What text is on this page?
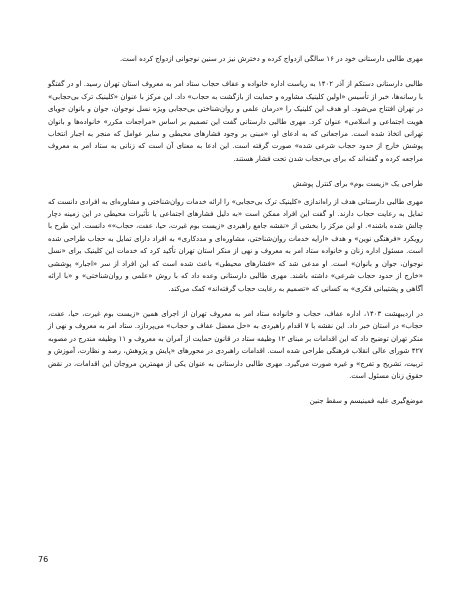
مهری طالبی دارستانی خود در ۱۶ سالگی ازدواج کرده و دخترش نیز در سنین نوجوانی ازدواج کرده است.

طالبی دارستانی دستکم از آذر ۱۴۰۲ به ریاست اداره خانواده و عفاف حجاب ستاد امر به معروف استان تهران رسید. او در گفتگو با رسانه‌ها، خبر از تأسیس «اولین کلینیک مشاوره و حمایت از بازگشت به حجاب» داد. این مرکز با عنوان «کلینیک ترک بی‌حجابی» در تهران افتتاح می‌شود. او هدف این کلینیک را «درمان علمی و روان‌شناختی بی‌حجابی ویژه نسل نوجوان، جوان و بانوان جویای هویت اجتماعی و اسلامی» عنوان کرد. مهری طالبی دارستانی گفت این تصمیم بر اساس «مراجعات مکرر» خانواده‌ها و بانوان تهرانی اتخاذ شده است. مراجعاتی که به ادعای او، «مبنی بر وجود فشارهای محیطی و سایر عوامل که منجر به اجبار انتخاب پوشش خارج از حدود حجاب شرعی شده» صورت گرفته است. این ادعا به معنای آن است که زنانی به ستاد امر به معروف مراجعه کرده و گفته‌اند که برای بی‌حجاب شدن تحت فشار هستند.

طراحی یک «زیست بوم» برای کنترل پوشش

مهری طالبی دارستانی هدف از راه‌اندازی «کلینیک ترک بی‌حجابی» را ارائه خدمات روان‌شناختی و مشاوره‌ای به افرادی دانست که تمایل به رعایت حجاب دارند. او گفت این افراد ممکن است «به دلیل فشارهای اجتماعی یا تأثیرات محیطی در این زمینه دچار چالش شده باشند». او این مرکز را بخشی از «نقشه جامع راهبردی «زیست بوم غیرت، حیا، عفت، حجاب»» دانست. این طرح با رویکرد «فرهنگی نوین» و هدف «ارایه خدمات روان‌شناختی، مشاوره‌ای و مددکاری» به افراد دارای تمایل به حجاب طراحی شده است. مسئول اداره زنان و خانواده ستاد امر به معروف و نهی از منکر استان تهران تأکید کرد که خدمات این کلینیک برای «نسل نوجوان، جوان و بانوان» است. او مدعی شد که «فشارهای محیطی» باعث شده است که این افراد از سر «اجبار» پوششی «خارج از حدود حجاب شرعی» داشته باشند. مهری طالبی دارستانی وعده داد که با روش «علمی و روان‌شناختی» و «با ارائه آگاهی و پشتیبانی فکری» به کسانی که «تصمیم به رعایت حجاب گرفته‌اند» کمک می‌کند.

در اردیبهشت ۱۴۰۳، اداره عفاف، حجاب و خانواده ستاد امر به معروف تهران از اجرای همین «زیست بوم غیرت، حیا، عفت، حجاب» در استان خبر داد. این نقشه با ۷ اقدام راهبردی به «حل معضل عفاف و حجاب» می‌پردازد. ستاد امر به معروف و نهی از منکر تهران توضیح داد که این اقدامات بر مبنای ۱۲ وظیفه ستاد در قانون حمایت از آمران به معروف و ۱۱ وظیفه مندرج در مصوبه ۴۲۷ شورای عالی انقلاب فرهنگی طراحی شده است. اقدامات راهبردی در محورهای «پایش و پژوهش، رصد و نظارت، آموزش و تربیت، تشریح و تفرج» و غیره صورت می‌گیرد. مهری طالبی دارستانی به عنوان یکی از مهمترین مروجان این اقدامات، در نقض حقوق زنان مسئول است.

موضع‌گیری علیه فمینیسم و سقط جنین

76
